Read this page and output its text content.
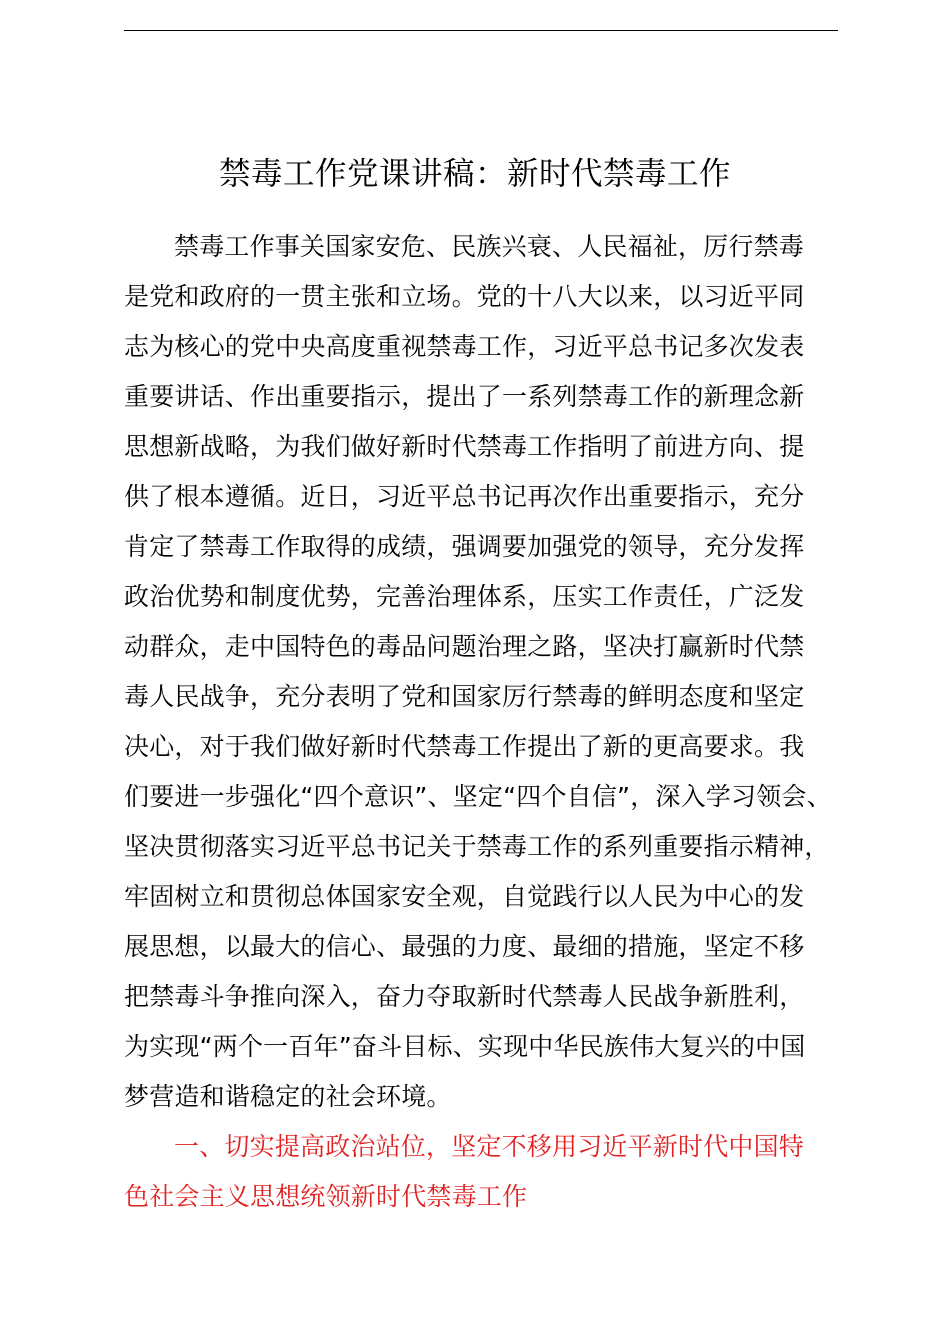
禁毒工作党课讲稿：新时代禁毒工作
禁毒工作事关国家安危、民族兴衰、人民福祉，厉行禁毒
是党和政府的一贯主张和立场。党的十八大以来，以习近平同
志为核心的党中央高度重视禁毒工作，习近平总书记多次发表
重要讲话、作出重要指示，提出了一系列禁毒工作的新理念新
思想新战略，为我们做好新时代禁毒工作指明了前进方向、提
供了根本遵循。近日，习近平总书记再次作出重要指示，充分
肯定了禁毒工作取得的成绩，强调要加强党的领导，充分发挥
政治优势和制度优势，完善治理体系，压实工作责任，广泛发
动群众，走中国特色的毒品问题治理之路，坚决打赢新时代禁
毒人民战争，充分表明了党和国家厉行禁毒的鲜明态度和坚定
决心，对于我们做好新时代禁毒工作提出了新的更高要求。我
们要进一步强化“四个意识”、坚定“四个自信”，深入学习领会、
坚决贯彻落实习近平总书记关于禁毒工作的系列重要指示精神，
牢固树立和贯彻总体国家安全观，自觉践行以人民为中心的发
展思想，以最大的信心、最强的力度、最细的措施，坚定不移
把禁毒斗争推向深入，奋力夺取新时代禁毒人民战争新胜利，
为实现“两个一百年”奋斗目标、实现中华民族伟大复兴的中国
梦营造和谐稳定的社会环境。
一、切实提高政治站位，坚定不移用习近平新时代中国特
色社会主义思想统领新时代禁毒工作
